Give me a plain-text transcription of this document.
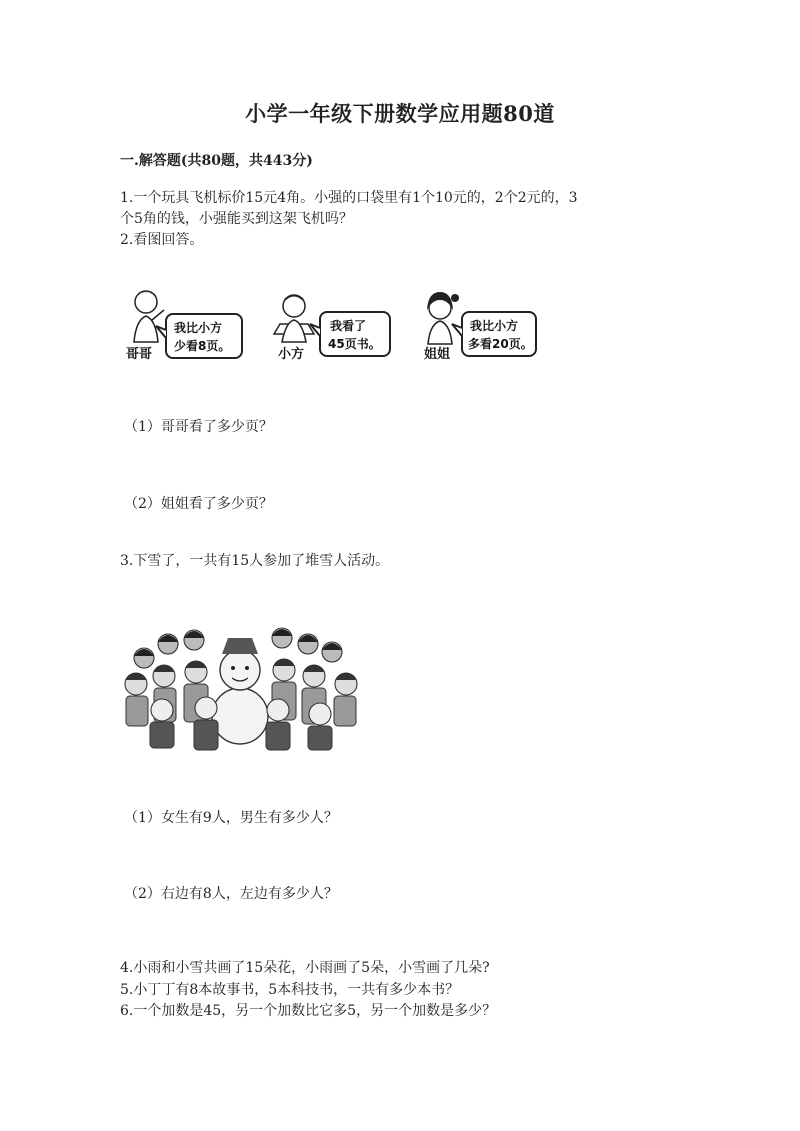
小学一年级下册数学应用题80道
一.解答题(共80题，共443分)
1.一个玩具飞机标价15元4角。小强的口袋里有1个10元的，2个2元的，3
个5角的钱，小强能买到这架飞机吗？
2.看图回答。
哥哥
我比小方
少看8页。
小方
我看了
45页书。
姐姐
我比小方
多看20页。
（1）哥哥看了多少页？
（2）姐姐看了多少页？
3.下雪了，一共有15人参加了堆雪人活动。
（1）女生有9人，男生有多少人？
（2）右边有8人，左边有多少人？
4.小雨和小雪共画了15朵花，小雨画了5朵，小雪画了几朵?
5.小丁丁有8本故事书，5本科技书，一共有多少本书？
6.一个加数是45，另一个加数比它多5，另一个加数是多少？
